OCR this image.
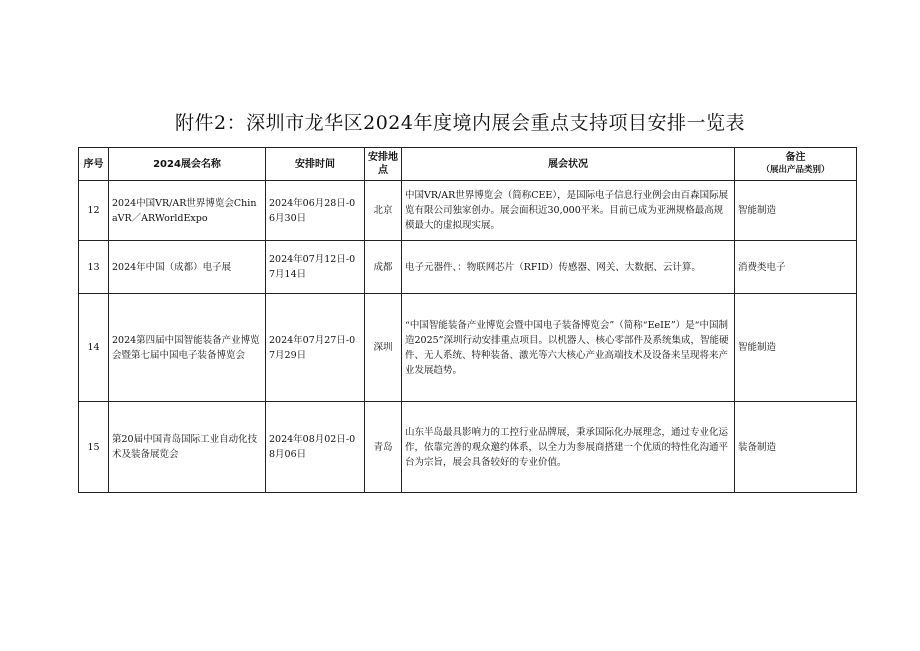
附件2：深圳市龙华区2024年度境内展会重点支持项目安排一览表
序号	2024展会名称	安排时间	安排地点	展会状况	备注
（展出产品类别）

12	2024中国VR/AR世界博览会ChinaVR／ARWorldExpo	2024年06月28日-06月30日	北京	中国VR/AR世界博览会（简称CEE），是国际电子信息行业例会由百森国际展览有限公司独家创办。展会面积近30,000平米。目前已成为亚洲规格最高规模最大的虚拟现实展。	智能制造
13	2024年中国（成都）电子展	2024年07月12日-07月14日	成都	电子元器件、：物联网芯片（RFID）传感器、网关、大数据、云计算。	消费类电子
14	2024第四届中国智能装备产业博览会暨第七届中国电子装备博览会	2024年07月27日-07月29日	深圳	“中国智能装备产业博览会暨中国电子装备博览会”（简称“EeIE”）是“中国制造2025”深圳行动安排重点项目。以机器人、核心零部件及系统集成，智能硬件、无人系统、特种装备、激光等六大核心产业高端技术及设备来呈现将来产业发展趋势。	智能制造
15	第20届中国青岛国际工业自动化技术及装备展览会	2024年08月02日-08月06日	青岛	山东半岛最具影响力的工控行业品牌展，秉承国际化办展理念，通过专业化运作，依靠完善的观众邀约体系，以全力为参展商搭建一个优质的特性化沟通平台为宗旨，展会具备较好的专业价值。	装备制造
